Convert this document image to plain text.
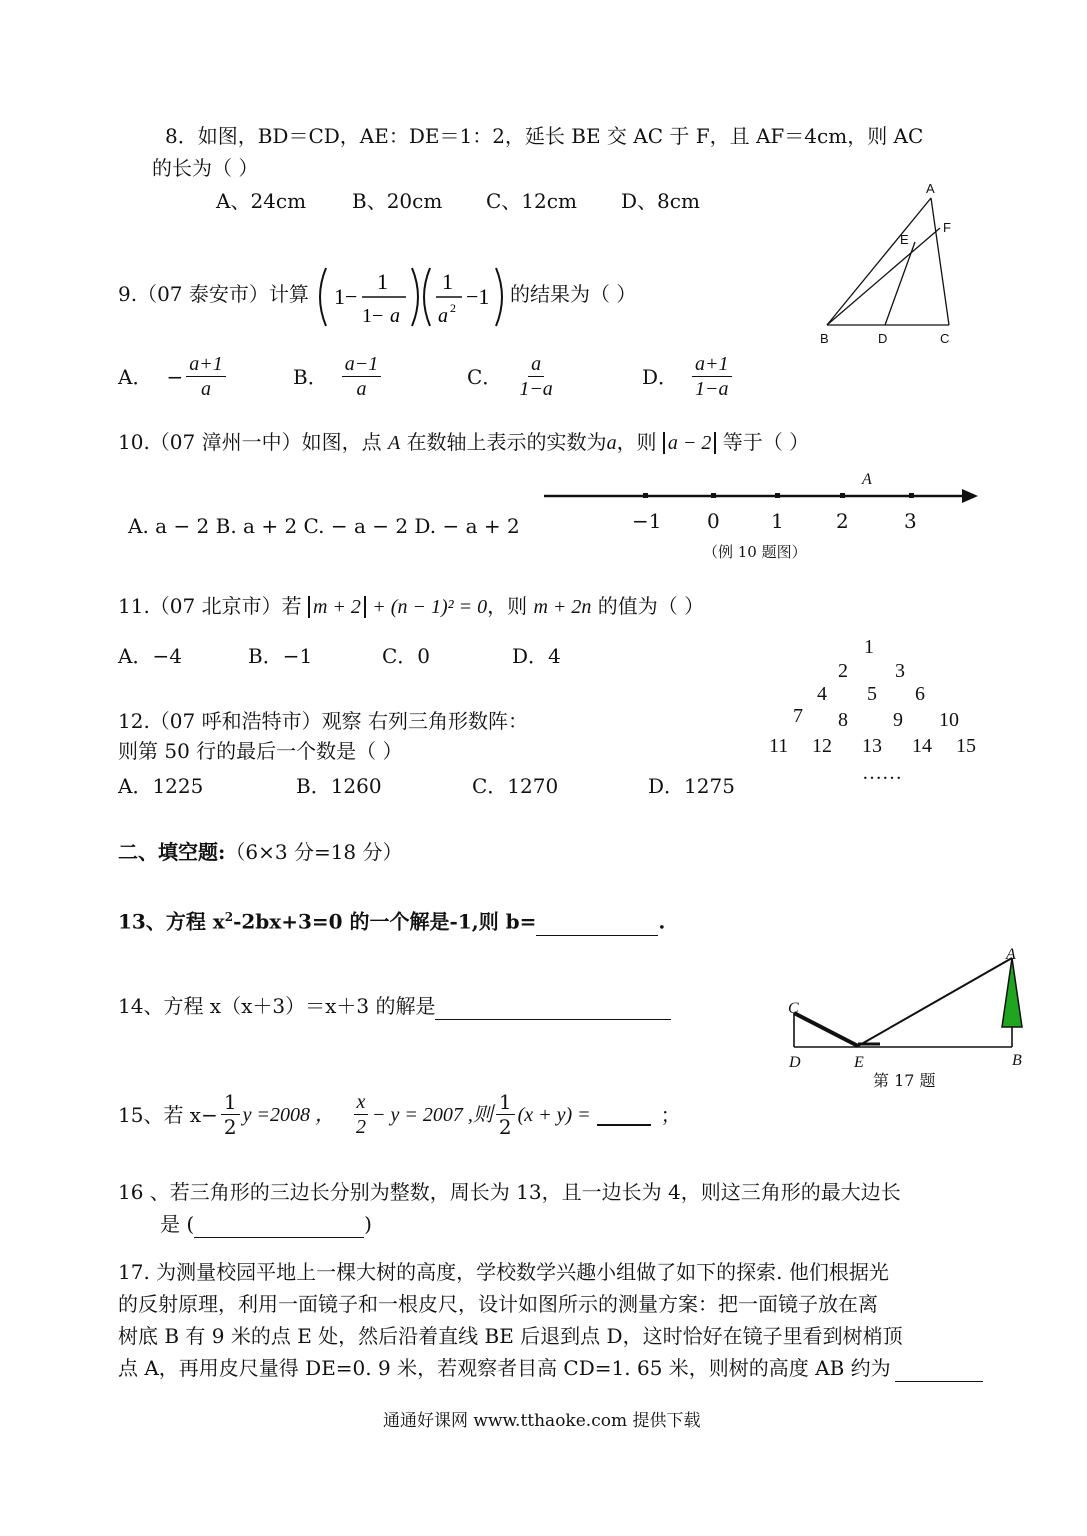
8．如图，BD＝CD，AE：DE＝1：2，延长 BE 交 AC 于 F，且 AF＝4cm，则 AC
的长为（ ）
A、24cm B、20cm C、12cm D、8cm
A
E
F
B	D	C
9.（07 泰安市）计算 1−
1
1− a
1
a 2 −1 的结果为（ ）
A． − $\frac{a+1}{a}$	B． $\frac{a-1}{a}$	C． $\frac{a}{1-a}$	D． $\frac{a+1}{1-a}$
10.（07 漳州一中）如图，点 A 在数轴上表示的实数为a，则 a − 2 等于（ ）
A. a − 2 B. a + 2 C. − a − 2 D. − a + 2
A
−1 0	1	2	3
（例 10 题图）
11.（07 北京市）若 m + 2 + (n − 1)² = 0，则 m + 2n 的值为（ ）
A．−4	B．−1	C．0	D．4
12.（07 呼和浩特市）观察 右列三角形数阵：
则第 50 行的最后一个数是（ ）
A．1225	B．1260	C．1270	D．1275
1
2 3
4 5 6
7 8 9 10
11 12 13 14 15
……
二、填空题:（6×3 分=18 分）
13、方程 $x^2-2bx+3=0$ 的一个解是-1,则 b=	.
14、方程 x（x＋3）＝x＋3 的解是	C
A
D	E	B
第 17 题
15、若 $x- \frac{1}{2}$ y =2008 ， $\frac{x}{2} - y = 2007$ ,则 $\frac{1}{2} (x + y)$ =	；
16 、若三角形的三边长分别为整数，周长为 13，且一边长为 4，则这三角形的最大边长
是 (	)
17. 为测量校园平地上一棵大树的高度，学校数学兴趣小组做了如下的探索. 他们根据光
的反射原理，利用一面镜子和一根皮尺，设计如图所示的测量方案：把一面镜子放在离
树底 B 有 9 米的点 E 处，然后沿着直线 BE 后退到点 D，这时恰好在镜子里看到树梢顶
点 A，再用皮尺量得 DE=0. 9 米，若观察者目高 CD=1. 65 米，则树的高度 AB 约为
通通好课网 www.tthaoke.com 提供下载
